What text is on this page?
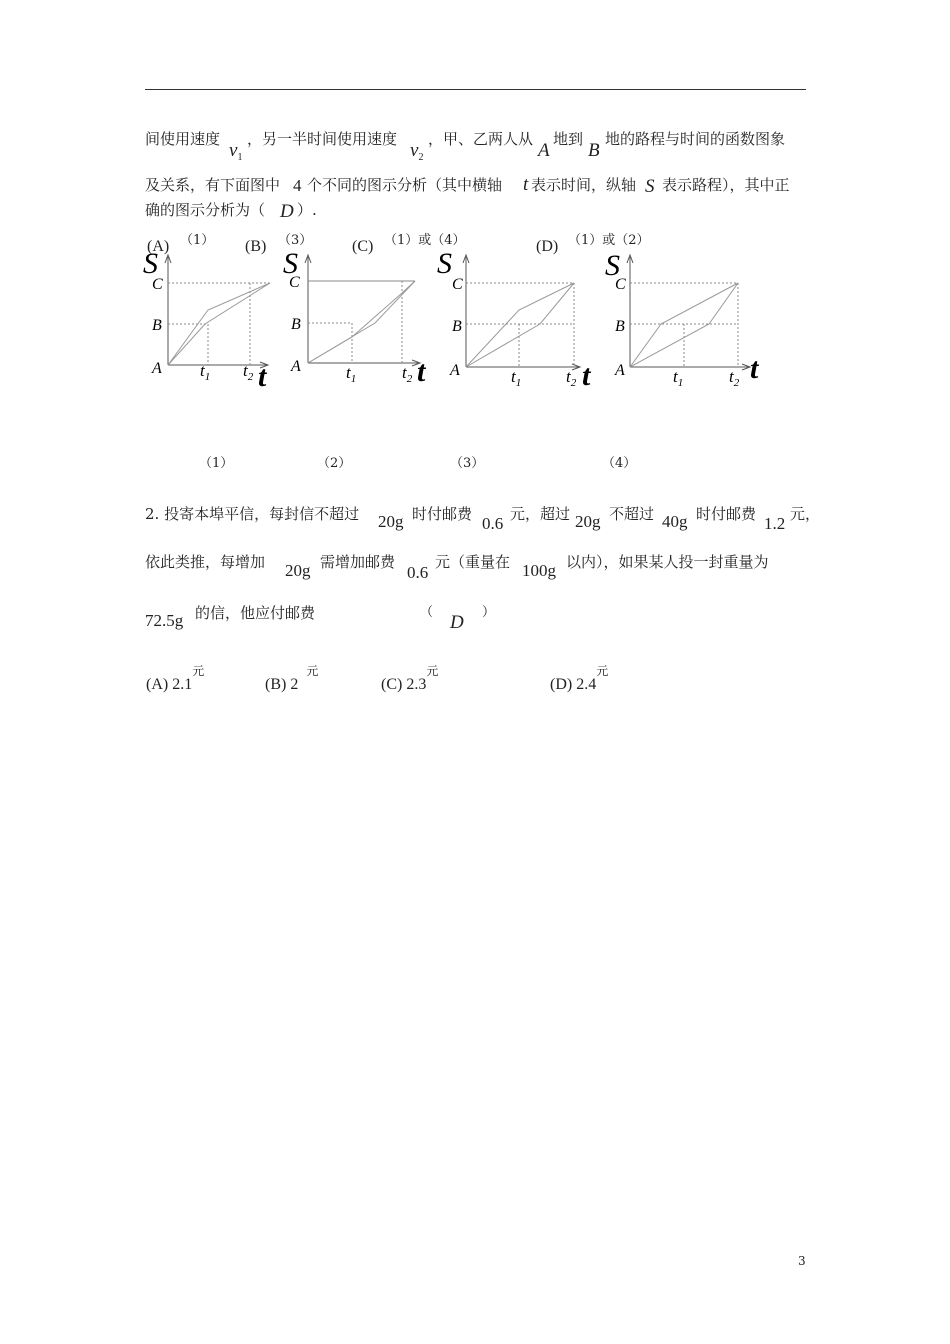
间使用速度
$v_1$
，另一半时间使用速度
$v_2$
，甲、乙两人从
A
地到
B
地的路程与时间的函数图象
及关系，有下面图中 4 个不同的图示分析（其中横轴 t 表示时间，纵轴 S 表示路程），其中正
确的图示分析为（ D ）.
(A) （1） (B) （3） (C) （1）或（4）	(D) （1）或（2）
S
C
B
A $t_1$ $t_2$ t
S
C
B
A	$t_1$	$t_2$ t
S
C
B
A	$t_1$	$t_2$ t
S
C
B
A	$t_1$	$t_2$ t
（1）	（2）	（3）	（4）
2. 投寄本埠平信，每封信不超过 20g 时付邮费 0.6 元，超过 20g 不超过 40g 时付邮费 1.2 元，
依此类推，每增加 20g 需增加邮费
0.6
元（重量在 100g 以内），如果某人投一封重量为
72.5g 的信，他应付邮费	（ D ）
(A) $2.1^元$
(B) $2^元$
(C) $2.3^元$
(D) $2.4^元$
3
